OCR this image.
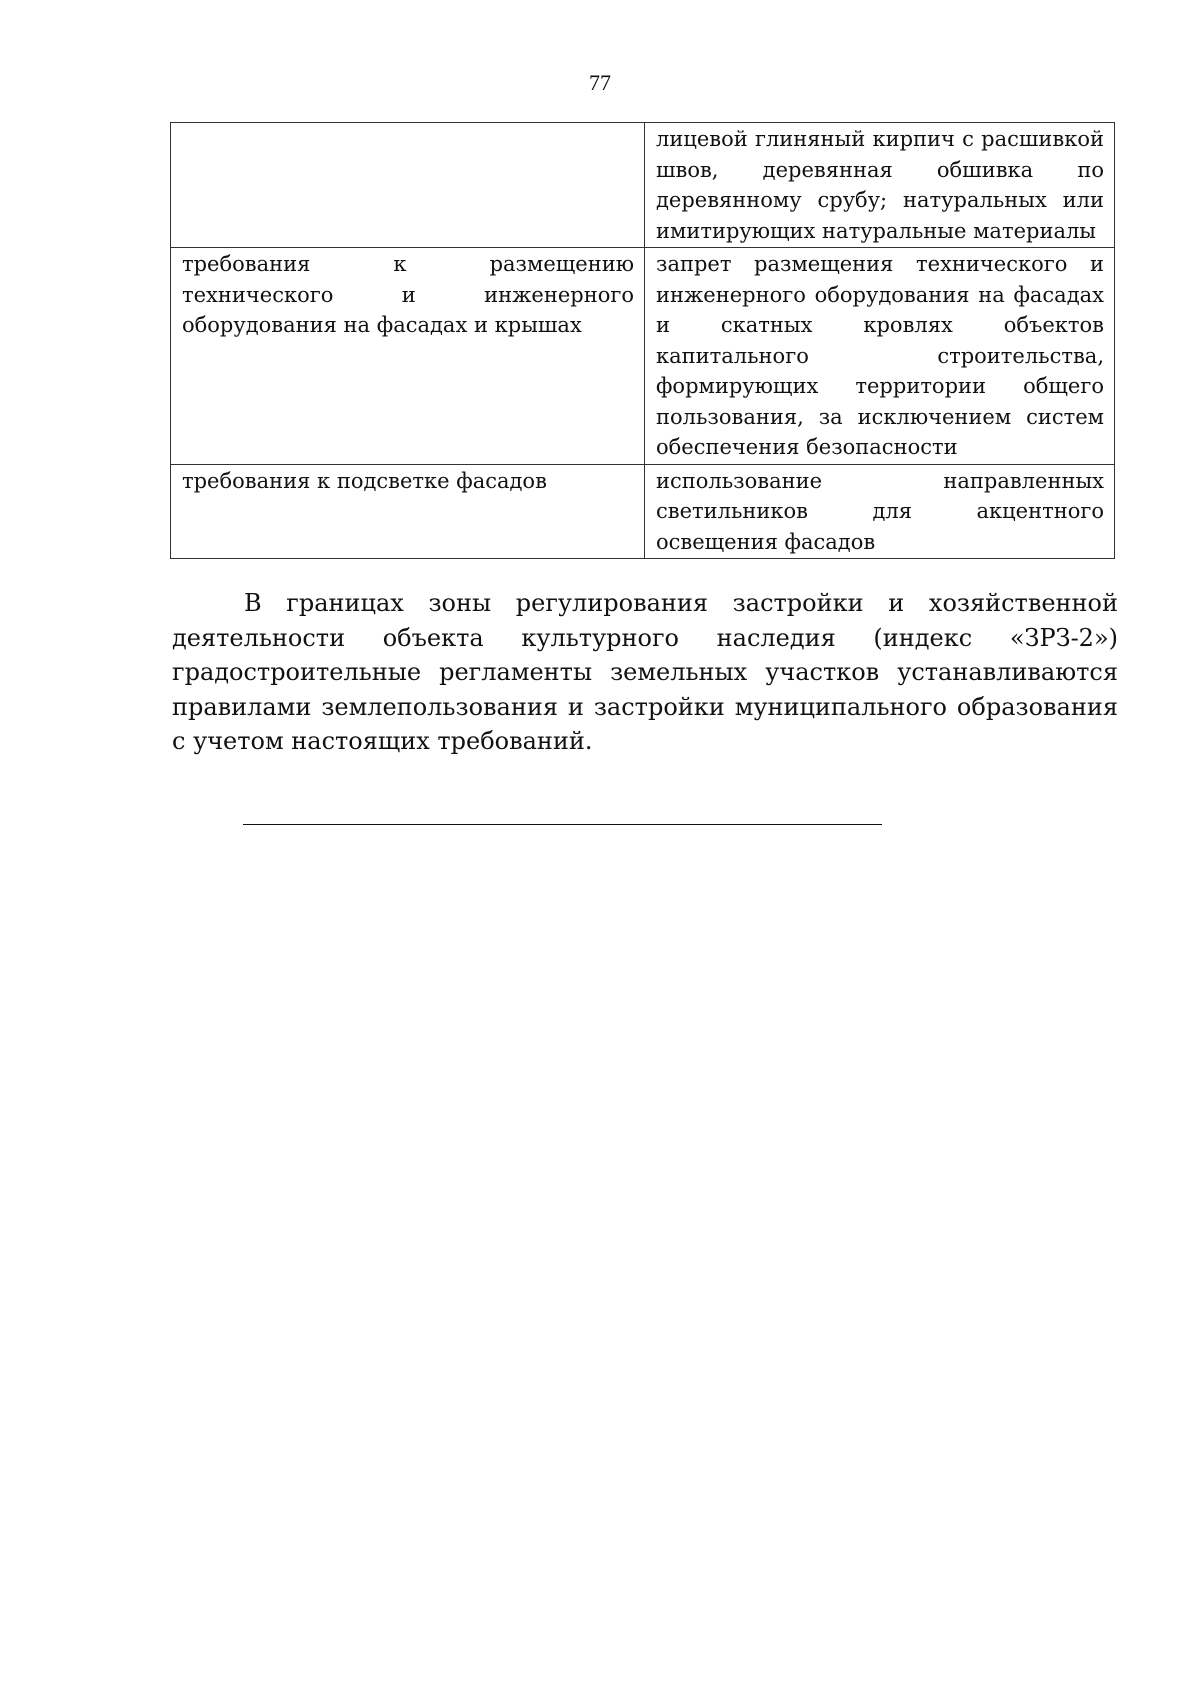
77
	лицевой глиняный кирпич с расшивкой швов, деревянная обшивка по деревянному срубу; натуральных или имитирующих натуральные материалы
требования к размещению технического и инженерного оборудования на фасадах и крышах	запрет размещения технического и инженерного оборудования на фасадах и скатных кровлях объектов капитального строительства, формирующих территории общего пользования, за исключением систем обеспечения безопасности
требования к подсветке фасадов	использование направленных светильников для акцентного освещения фасадов

В границах зоны регулирования застройки и хозяйственной деятельности объекта культурного наследия (индекс «ЗРЗ-2») градостроительные регламенты земельных участков устанавливаются правилами землепользования и застройки муниципального образования с учетом настоящих требований.
